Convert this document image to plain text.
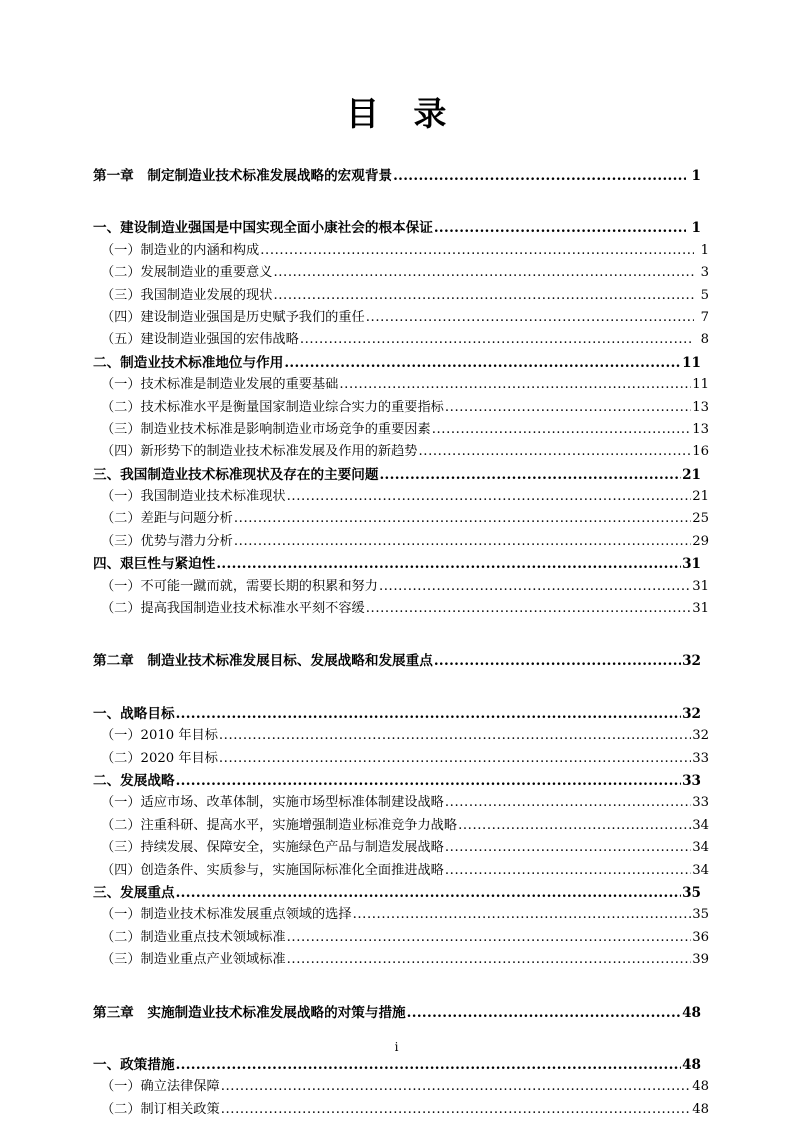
目　录
第一章　制定制造业技术标准发展战略的宏观背景 .....	1
一、建设制造业强国是中国实现全面小康社会的根本保证 .....	1
（一）制造业的内涵和构成 .....	1
（二）发展制造业的重要意义 .....	3
（三）我国制造业发展的现状 .....	5
（四）建设制造业强国是历史赋予我们的重任 .....	7
（五）建设制造业强国的宏伟战略 .....	8
二、制造业技术标准地位与作用 .....	11
（一）技术标准是制造业发展的重要基础 .....	11
（二）技术标准水平是衡量国家制造业综合实力的重要指标 .....	13
（三）制造业技术标准是影响制造业市场竞争的重要因素 .....	13
（四）新形势下的制造业技术标准发展及作用的新趋势 .....	16
三、我国制造业技术标准现状及存在的主要问题 .....	21
（一）我国制造业技术标准现状 .....	21
（二）差距与问题分析 .....	25
（三）优势与潜力分析 .....	29
四、艰巨性与紧迫性 .....	31
（一）不可能一蹴而就，需要长期的积累和努力 .....	31
（二）提高我国制造业技术标准水平刻不容缓 .....	31
第二章　制造业技术标准发展目标、发展战略和发展重点 .....	32
一、战略目标 .....	32
（一）2010 年目标 .....	32
（二）2020 年目标 .....	33
二、发展战略 .....	33
（一）适应市场、改革体制，实施市场型标准体制建设战略 .....	33
（二）注重科研、提高水平，实施增强制造业标准竞争力战略 .....	34
（三）持续发展、保障安全，实施绿色产品与制造发展战略 .....	34
（四）创造条件、实质参与，实施国际标准化全面推进战略 .....	34
三、发展重点 .....	35
（一）制造业技术标准发展重点领域的选择 .....	35
（二）制造业重点技术领域标准 .....	36
（三）制造业重点产业领域标准 .....	39
第三章　实施制造业技术标准发展战略的对策与措施 .....	48
一、政策措施 .....	48
（一）确立法律保障 .....	48
（二）制订相关政策 .....	48
i
